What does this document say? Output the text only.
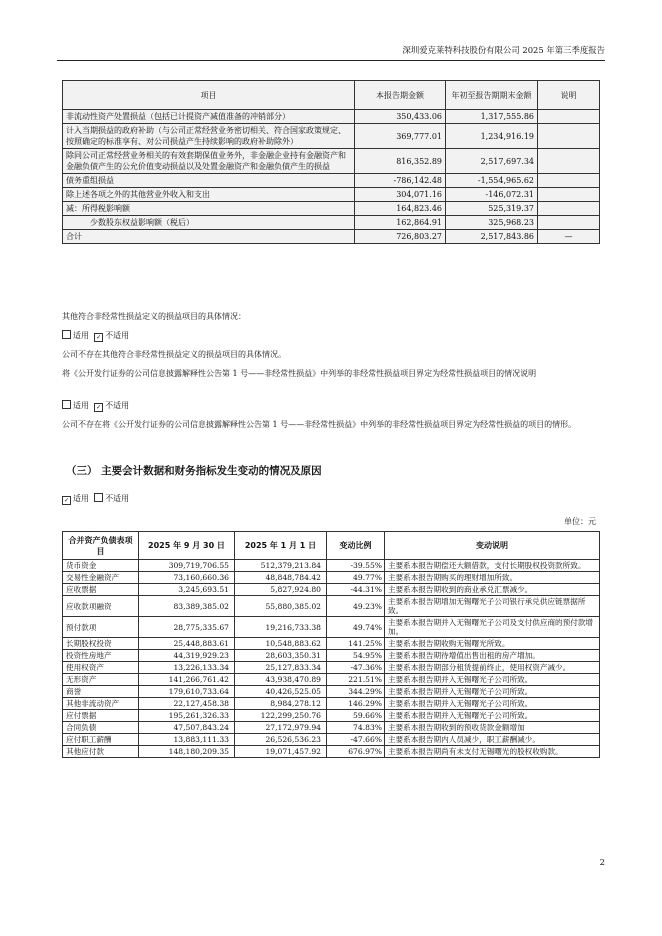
深圳爱克莱特科技股份有限公司 2025 年第三季度报告
项目	本报告期金额	年初至报告期期末金额	说明
非流动性资产处置损益（包括已计提资产减值准备的冲销部分）	350,433.06	1,317,555.86	
计入当期损益的政府补助（与公司正常经营业务密切相关、符合国家政策规定、按照确定的标准享有、对公司损益产生持续影响的政府补助除外）	369,777.01	1,234,916.19	
除同公司正常经营业务相关的有效套期保值业务外，非金融企业持有金融资产和金融负债产生的公允价值变动损益以及处置金融资产和金融负债产生的损益	816,352.89	2,517,697.34	
债务重组损益	-786,142.48	-1,554,965.62	
除上述各项之外的其他营业外收入和支出	304,071.16	-146,072.31	
减：所得税影响额	164,823.46	525,319.37	
少数股东权益影响额（税后）	162,864.91	325,968.23	
合计	726,803.27	2,517,843.86	—
其他符合非经常性损益定义的损益项目的具体情况：
适用 ✓ 不适用
公司不存在其他符合非经常性损益定义的损益项目的具体情况。
将《公开发行证券的公司信息披露解释性公告第 1 号——非经常性损益》中列举的非经常性损益项目界定为经常性损益项目的情况说明
适用 ✓ 不适用
公司不存在将《公开发行证券的公司信息披露解释性公告第 1 号——非经常性损益》中列举的非经常性损益项目界定为经常性损益的项目的情形。
（三） 主要会计数据和财务指标发生变动的情况及原因
✓ 适用 不适用
单位：元
合并资产负债表项目	2025 年 9 月 30 日	2025 年 1 月 1 日	变动比例	变动说明
货币资金	309,719,706.55	512,379,213.84	-39.55%	主要系本报告期偿还大额借款，支付长期股权投资款所致。
交易性金融资产	73,160,660.36	48,848,784.42	49.77%	主要系本报告期购买的理财增加所致。
应收票据	3,245,693.51	5,827,924.80	-44.31%	主要系本报告期收到的商业承兑汇票减少。
应收款项融资	83,389,385.02	55,880,385.02	49.23%	主要系本报告期增加无锡曙光子公司银行承兑供应链票据所致。
预付款项	28,775,335.67	19,216,733.38	49.74%	主要系本报告期并入无锡曙光子公司及支付供应商的预付款增加。
长期股权投资	25,448,883.61	10,548,883.62	141.25%	主要系本报告期收购无锡曙光所致。
投资性房地产	44,319,929.23	28,603,350.31	54.95%	主要系本报告期待增值出售出租的房产增加。
使用权资产	13,226,133.34	25,127,833.34	-47.36%	主要系本报告期部分租赁提前终止，使用权资产减少。
无形资产	141,266,761.42	43,938,470.89	221.51%	主要系本报告期并入无锡曙光子公司所致。
商誉	179,610,733.64	40,426,525.05	344.29%	主要系本报告期并入无锡曙光子公司所致。
其他非流动资产	22,127,458.38	8,984,278.12	146.29%	主要系本报告期并入无锡曙光子公司所致。
应付票据	195,261,326.33	122,299,250.76	59.66%	主要系本报告期并入无锡曙光子公司所致。
合同负债	47,507,843.24	27,172,979.94	74.83%	主要系本报告期收到的预收货款金额增加
应付职工薪酬	13,883,111.33	26,526,536.23	-47.66%	主要系本报告期内人员减少，职工薪酬减少。
其他应付款	148,180,209.35	19,071,457.92	676.97%	主要系本报告期尚有未支付无锡曙光的股权收购款。
2
